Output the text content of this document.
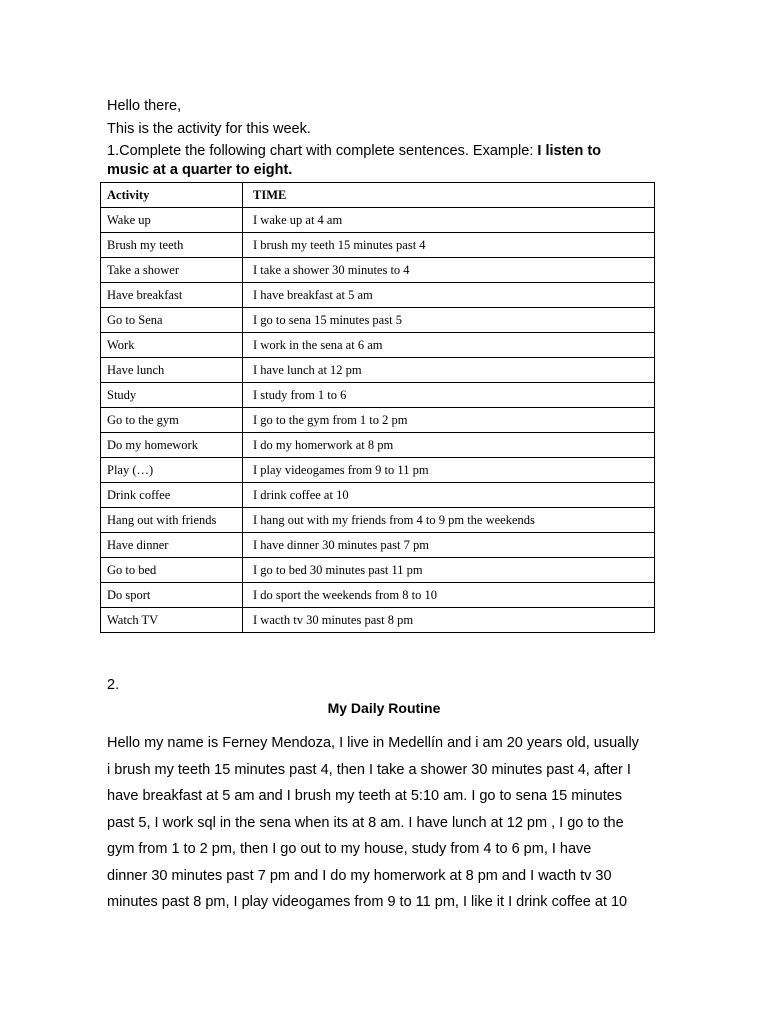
Hello there,
This is the activity for this week.
1.Complete the following chart with complete sentences. Example: I listen to
music at a quarter to eight.
Activity	TIME
Wake up	I wake up at 4 am
Brush my teeth	I brush my teeth 15 minutes past 4
Take a shower	I take a shower 30 minutes to 4
Have breakfast	I have breakfast at 5 am
Go to Sena	I go to sena 15 minutes past 5
Work	I work in the sena at 6 am
Have lunch	I have lunch at 12 pm
Study	I study from 1 to 6
Go to the gym	I go to the gym from 1 to 2 pm
Do my homework	I do my homerwork at 8 pm
Play (…)	I play videogames from 9 to 11 pm
Drink coffee	I drink coffee at 10
Hang out with friends	I hang out with my friends from 4 to 9 pm the weekends
Have dinner	I have dinner 30 minutes past 7 pm
Go to bed	I go to bed 30 minutes past 11 pm
Do sport	I do sport the weekends from 8 to 10
Watch TV	I wacth tv 30 minutes past 8 pm
2.
My Daily Routine
Hello my name is Ferney Mendoza, I live in Medellín and i am 20 years old, usually
i brush my teeth 15 minutes past 4, then I take a shower 30 minutes past 4, after I
have breakfast at 5 am and I brush my teeth at 5:10 am. I go to sena 15 minutes
past 5, I work sql in the sena when its at 8 am. I have lunch at 12 pm , I go to the
gym from 1 to 2 pm, then I go out to my house, study from 4 to 6 pm, I have
dinner 30 minutes past 7 pm and I do my homerwork at 8 pm and I wacth tv 30
minutes past 8 pm, I play videogames from 9 to 11 pm, I like it I drink coffee at 10
